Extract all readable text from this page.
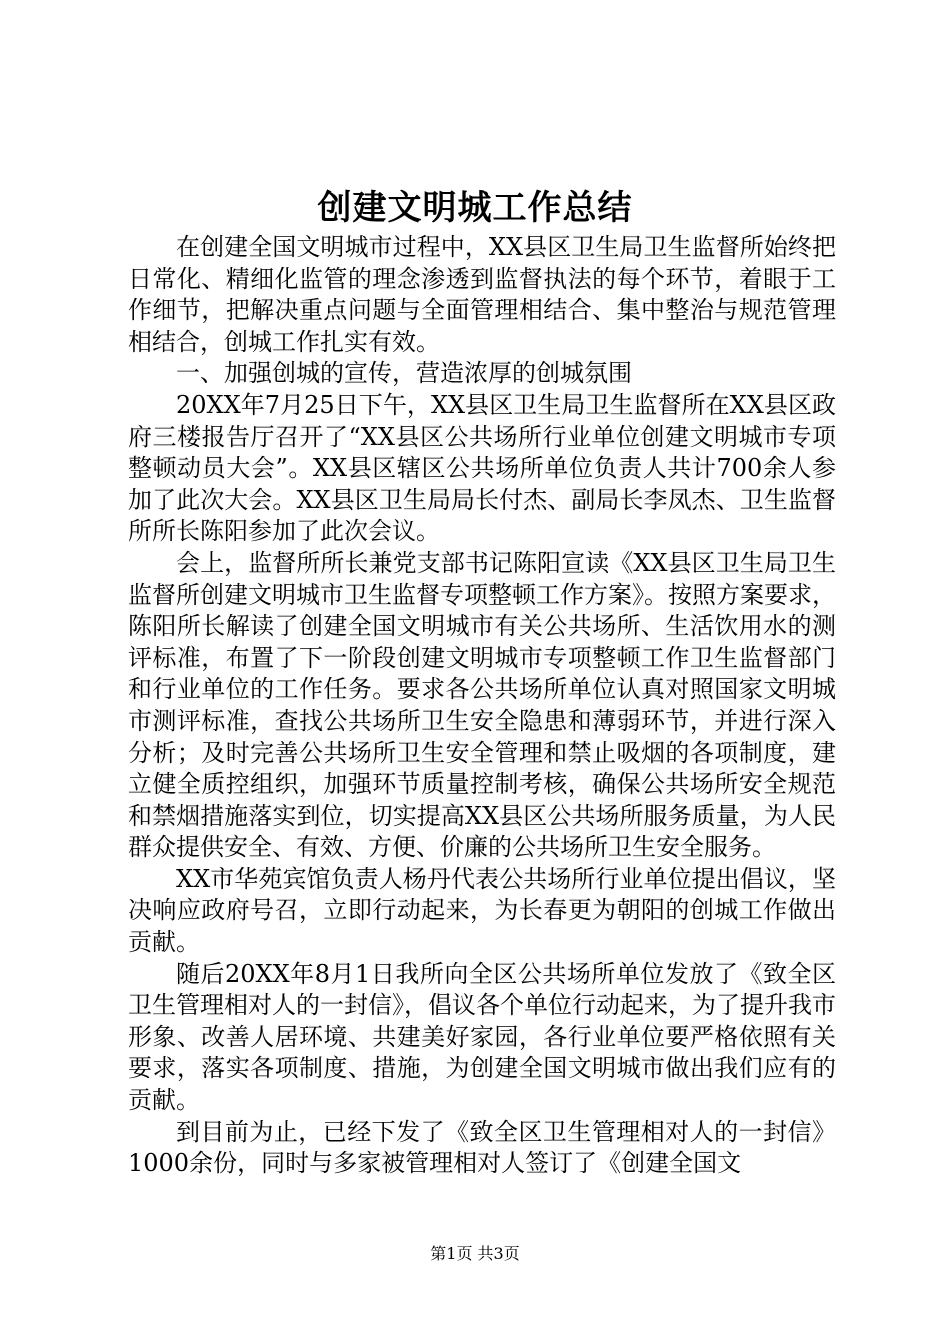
创建文明城工作总结

在创建全国文明城市过程中，XX县区卫生局卫生监督所始终把日常化、精细化监管的理念渗透到监督执法的每个环节，着眼于工作细节，把解决重点问题与全面管理相结合、集中整治与规范管理相结合，创城工作扎实有效。

一、加强创城的宣传，营造浓厚的创城氛围

20XX年7月25日下午，XX县区卫生局卫生监督所在XX县区政府三楼报告厅召开了“XX县区公共场所行业单位创建文明城市专项整顿动员大会”。XX县区辖区公共场所单位负责人共计700余人参加了此次大会。XX县区卫生局局长付杰、副局长李凤杰、卫生监督所所长陈阳参加了此次会议。

会上，监督所所长兼党支部书记陈阳宣读《XX县区卫生局卫生监督所创建文明城市卫生监督专项整顿工作方案》。按照方案要求，陈阳所长解读了创建全国文明城市有关公共场所、生活饮用水的测评标准，布置了下一阶段创建文明城市专项整顿工作卫生监督部门和行业单位的工作任务。要求各公共场所单位认真对照国家文明城市测评标准，查找公共场所卫生安全隐患和薄弱环节，并进行深入分析；及时完善公共场所卫生安全管理和禁止吸烟的各项制度，建立健全质控组织，加强环节质量控制考核，确保公共场所安全规范和禁烟措施落实到位，切实提高XX县区公共场所服务质量，为人民群众提供安全、有效、方便、价廉的公共场所卫生安全服务。

XX市华苑宾馆负责人杨丹代表公共场所行业单位提出倡议，坚决响应政府号召，立即行动起来，为长春更为朝阳的创城工作做出贡献。

随后20XX年8月1日我所向全区公共场所单位发放了《致全区卫生管理相对人的一封信》，倡议各个单位行动起来，为了提升我市形象、改善人居环境、共建美好家园，各行业单位要严格依照有关要求，落实各项制度、措施，为创建全国文明城市做出我们应有的贡献。

到目前为止，已经下发了《致全区卫生管理相对人的一封信》1000余份，同时与多家被管理相对人签订了《创建全国文

第1页 共3页
